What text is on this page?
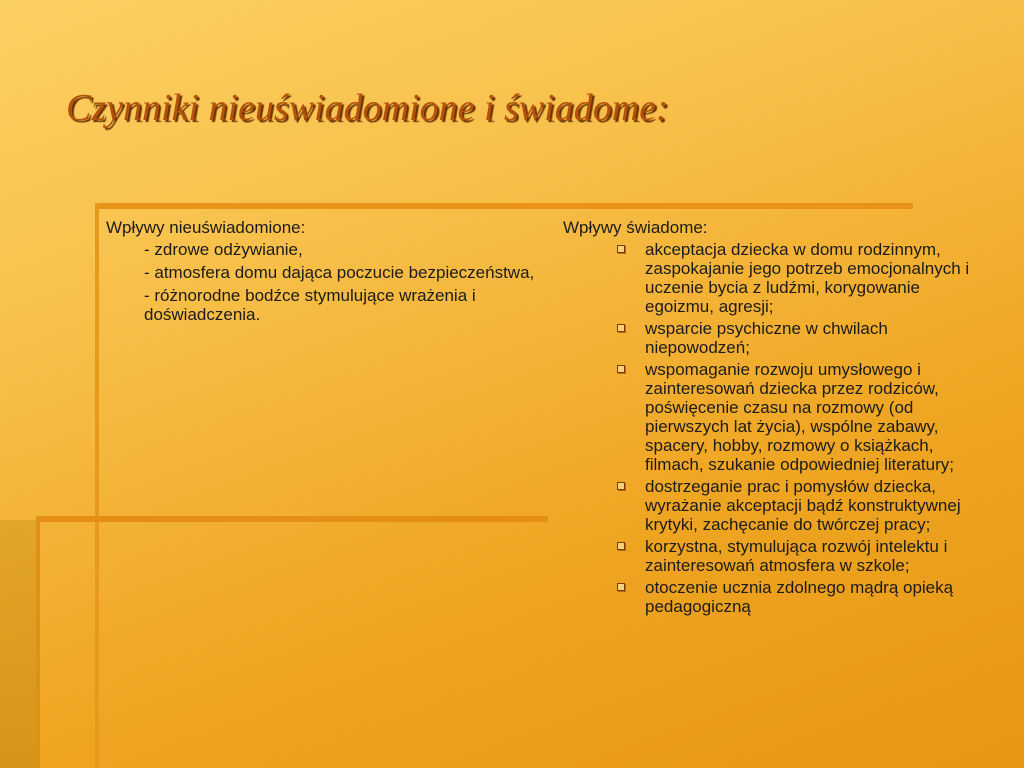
Czynniki nieuświadomione i świadome:
Wpływy nieuświadomione:
- zdrowe odżywianie,
- atmosfera domu dająca poczucie bezpieczeństwa,
- różnorodne bodźce stymulujące wrażenia i doświadczenia.
Wpływy świadome:
akceptacja dziecka w domu rodzinnym, zaspokajanie jego potrzeb emocjonalnych i uczenie bycia z ludźmi, korygowanie egoizmu, agresji;
wsparcie psychiczne w chwilach niepowodzeń;
wspomaganie rozwoju umysłowego i zainteresowań dziecka przez rodziców, poświęcenie czasu na rozmowy (od pierwszych lat życia), wspólne zabawy, spacery, hobby, rozmowy o książkach, filmach, szukanie odpowiedniej literatury;
dostrzeganie prac i pomysłów dziecka, wyrażanie akceptacji bądź konstruktywnej krytyki, zachęcanie do twórczej pracy;
korzystna, stymulująca rozwój intelektu i zainteresowań atmosfera w szkole;
otoczenie ucznia zdolnego mądrą opieką pedagogiczną
